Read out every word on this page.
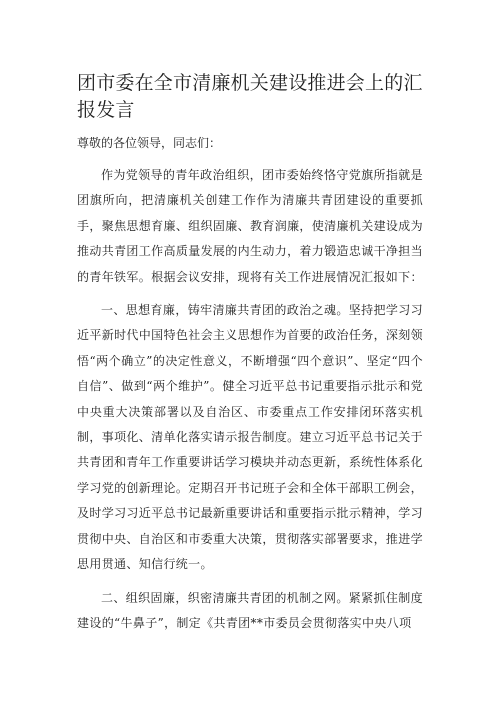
团市委在全市清廉机关建设推进会上的汇报发言

尊敬的各位领导，同志们：

作为党领导的青年政治组织，团市委始终恪守党旗所指就是团旗所向，把清廉机关创建工作作为清廉共青团建设的重要抓手，聚焦思想育廉、组织固廉、教育润廉，使清廉机关建设成为推动共青团工作高质量发展的内生动力，着力锻造忠诚干净担当的青年铁军。根据会议安排，现将有关工作进展情况汇报如下：

一、思想育廉，铸牢清廉共青团的政治之魂。坚持把学习习近平新时代中国特色社会主义思想作为首要的政治任务，深刻领悟“两个确立”的决定性意义，不断增强“四个意识”、坚定“四个自信”、做到“两个维护”。健全习近平总书记重要指示批示和党中央重大决策部署以及自治区、市委重点工作安排闭环落实机制，事项化、清单化落实请示报告制度。建立习近平总书记关于共青团和青年工作重要讲话学习模块并动态更新，系统性体系化学习党的创新理论。定期召开书记班子会和全体干部职工例会，及时学习习近平总书记最新重要讲话和重要指示批示精神，学习贯彻中央、自治区和市委重大决策，贯彻落实部署要求，推进学思用贯通、知信行统一。

二、组织固廉，织密清廉共青团的机制之网。紧紧抓住制度建设的“牛鼻子”，制定《共青团**市委员会贯彻落实中央八项
